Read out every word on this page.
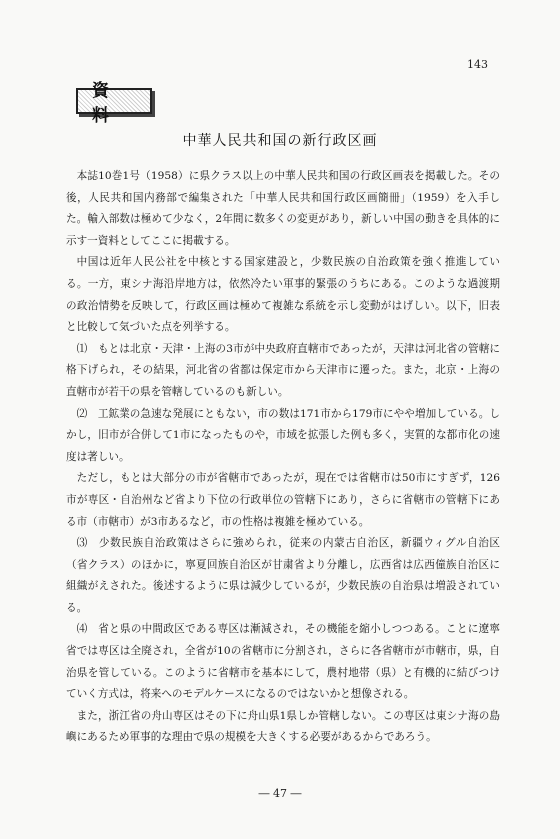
143
資料
中華人民共和国の新行政区画

本誌10巻1号（1958）に県クラス以上の中華人民共和国の行政区画表を掲載した。その後，人民共和国内務部で編集された「中華人民共和国行政区画簡冊」（1959）を入手した。輸入部数は極めて少なく，2年間に数多くの変更があり，新しい中国の動きを具体的に示す一資料としてここに掲載する。

中国は近年人民公社を中核とする国家建設と，少数民族の自治政策を強く推進している。一方，東シナ海沿岸地方は，依然冷たい軍事的緊張のうちにある。このような過渡期の政治情勢を反映して，行政区画は極めて複雑な系統を示し変動がはげしい。以下，旧表と比較して気づいた点を列挙する。

⑴　もとは北京・天津・上海の3市が中央政府直轄市であったが，天津は河北省の管轄に格下げられ，その結果，河北省の省都は保定市から天津市に遷った。また，北京・上海の直轄市が若干の県を管轄しているのも新しい。

⑵　工鉱業の急速な発展にともない，市の数は171市から179市にやや増加している。しかし，旧市が合併して1市になったものや，市域を拡張した例も多く，実質的な都市化の速度は著しい。

ただし，もとは大部分の市が省轄市であったが，現在では省轄市は50市にすぎず，126市が専区・自治州など省より下位の行政単位の管轄下にあり，さらに省轄市の管轄下にある市（市轄市）が3市あるなど，市の性格は複雑を極めている。

⑶　少数民族自治政策はさらに強められ，従来の内蒙古自治区，新疆ウィグル自治区（省クラス）のほかに，寧夏回族自治区が甘粛省より分離し，広西省は広西僮族自治区に組織がえされた。後述するように県は減少しているが，少数民族の自治県は増設されている。

⑷　省と県の中間政区である専区は漸減され，その機能を縮小しつつある。ことに遼寧省では専区は全廃され，全省が10の省轄市に分割され，さらに各省轄市が市轄市，県，自治県を管している。このように省轄市を基本にして，農村地帯（県）と有機的に結びつけていく方式は，将来へのモデルケースになるのではないかと想像される。

また，浙江省の舟山専区はその下に舟山県1県しか管轄しない。この専区は東シナ海の島嶼にあるため軍事的な理由で県の規模を大きくする必要があるからであろう。

― 47 ―
